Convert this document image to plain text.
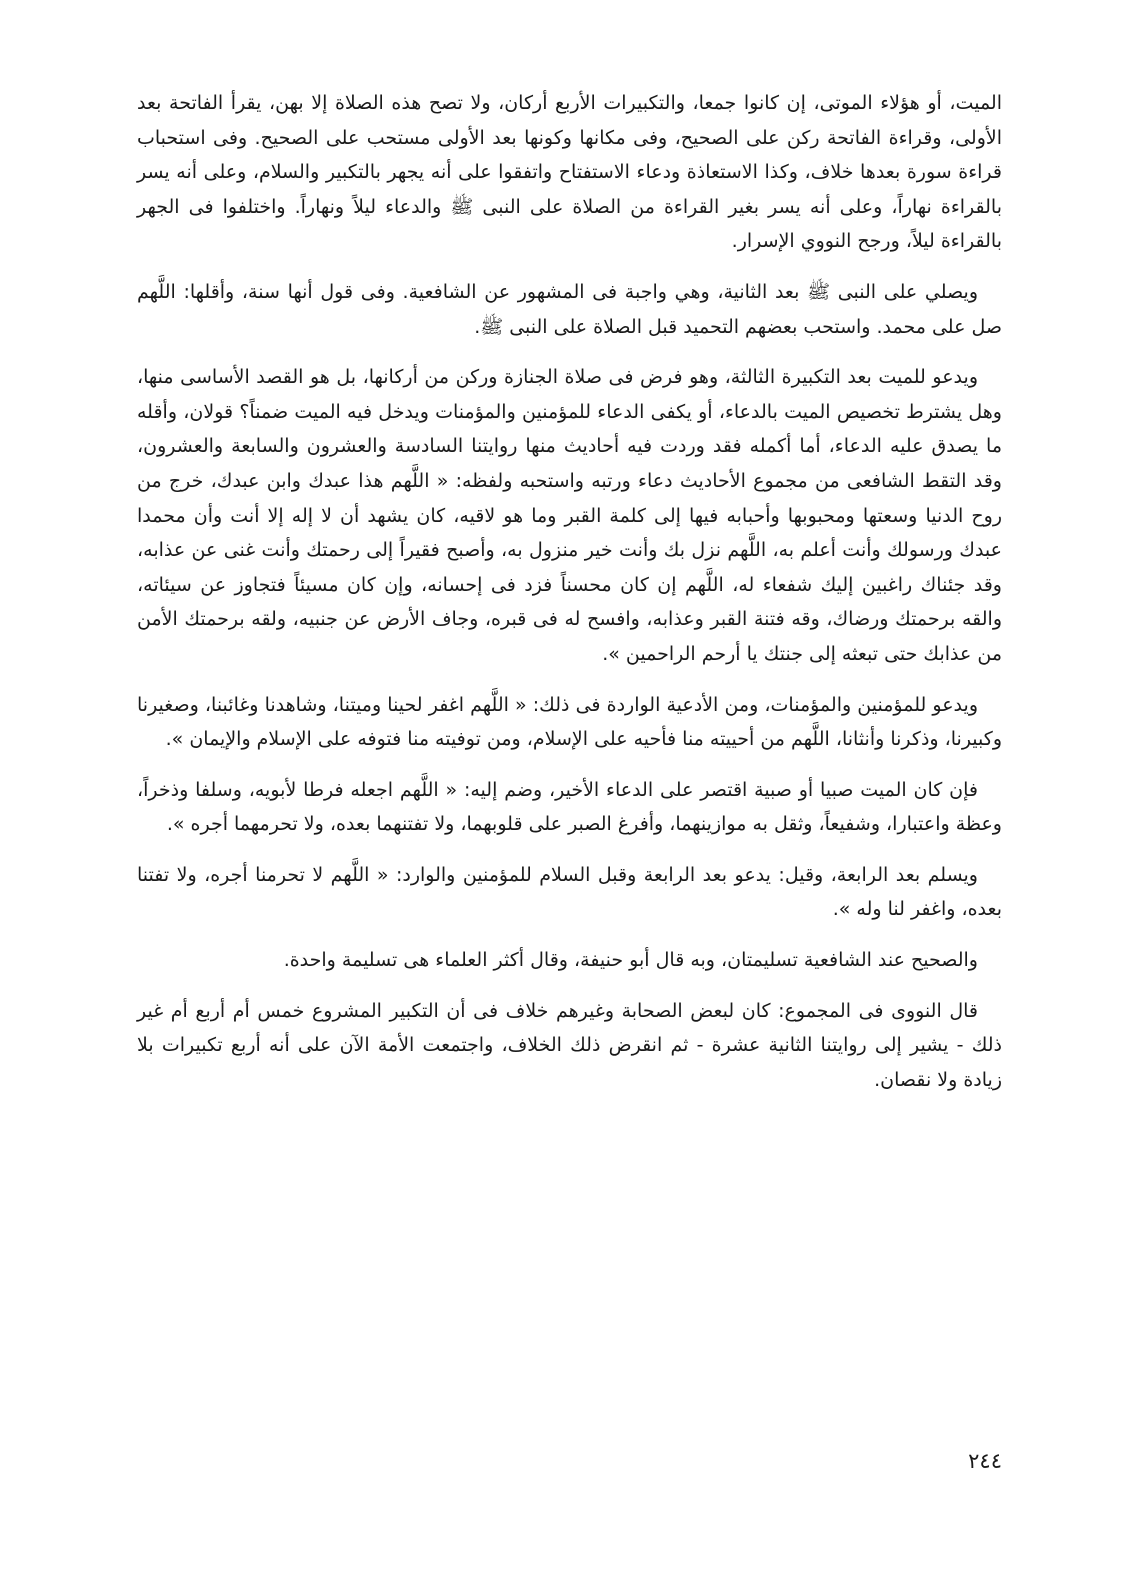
الميت، أو هؤلاء الموتى، إن كانوا جمعا، والتكبيرات الأربع أركان، ولا تصح هذه الصلاة إلا بهن، يقرأ الفاتحة بعد الأولى، وقراءة الفاتحة ركن على الصحيح، وفى مكانها وكونها بعد الأولى مستحب على الصحيح. وفى استحباب قراءة سورة بعدها خلاف، وكذا الاستعاذة ودعاء الاستفتاح واتفقوا على أنه يجهر بالتكبير والسلام، وعلى أنه يسر بالقراءة نهاراً، وعلى أنه يسر بغير القراءة من الصلاة على النبى ﷺ والدعاء ليلاً ونهاراً. واختلفوا فى الجهر بالقراءة ليلاً، ورجح النووي الإسرار.

ويصلي على النبى ﷺ بعد الثانية، وهي واجبة فى المشهور عن الشافعية. وفى قول أنها سنة، وأقلها: اللَّهم صل على محمد. واستحب بعضهم التحميد قبل الصلاة على النبى ﷺ.

ويدعو للميت بعد التكبيرة الثالثة، وهو فرض فى صلاة الجنازة وركن من أركانها، بل هو القصد الأساسى منها، وهل يشترط تخصيص الميت بالدعاء، أو يكفى الدعاء للمؤمنين والمؤمنات ويدخل فيه الميت ضمناً؟ قولان، وأقله ما يصدق عليه الدعاء، أما أكمله فقد وردت فيه أحاديث منها روايتنا السادسة والعشرون والسابعة والعشرون، وقد التقط الشافعى من مجموع الأحاديث دعاء ورتبه واستحبه ولفظه: « اللَّهم هذا عبدك وابن عبدك، خرج من روح الدنيا وسعتها ومحبوبها وأحبابه فيها إلى كلمة القبر وما هو لاقيه، كان يشهد أن لا إله إلا أنت وأن محمدا عبدك ورسولك وأنت أعلم به، اللَّهم نزل بك وأنت خير منزول به، وأصبح فقيراً إلى رحمتك وأنت غنى عن عذابه، وقد جئناك راغبين إليك شفعاء له، اللَّهم إن كان محسناً فزد فى إحسانه، وإن كان مسيئاً فتجاوز عن سيئاته، والقه برحمتك ورضاك، وقه فتنة القبر وعذابه، وافسح له فى قبره، وجاف الأرض عن جنبيه، ولقه برحمتك الأمن من عذابك حتى تبعثه إلى جنتك يا أرحم الراحمين ».

ويدعو للمؤمنين والمؤمنات، ومن الأدعية الواردة فى ذلك: « اللَّهم اغفر لحينا وميتنا، وشاهدنا وغائبنا، وصغيرنا وكبيرنا، وذكرنا وأنثانا، اللَّهم من أحييته منا فأحيه على الإسلام، ومن توفيته منا فتوفه على الإسلام والإيمان ».

فإن كان الميت صبيا أو صبية اقتصر على الدعاء الأخير، وضم إليه: « اللَّهم اجعله فرطا لأبويه، وسلفا وذخراً، وعظة واعتبارا، وشفيعاً، وثقل به موازينهما، وأفرغ الصبر على قلوبهما، ولا تفتنهما بعده، ولا تحرمهما أجره ».

ويسلم بعد الرابعة، وقيل: يدعو بعد الرابعة وقبل السلام للمؤمنين والوارد: « اللَّهم لا تحرمنا أجره، ولا تفتنا بعده، واغفر لنا وله ».

والصحيح عند الشافعية تسليمتان، وبه قال أبو حنيفة، وقال أكثر العلماء هى تسليمة واحدة.

قال النووى فى المجموع: كان لبعض الصحابة وغيرهم خلاف فى أن التكبير المشروع خمس أم أربع أم غير ذلك - يشير إلى روايتنا الثانية عشرة - ثم انقرض ذلك الخلاف، واجتمعت الأمة الآن على أنه أربع تكبيرات بلا زيادة ولا نقصان.

٢٤٤
